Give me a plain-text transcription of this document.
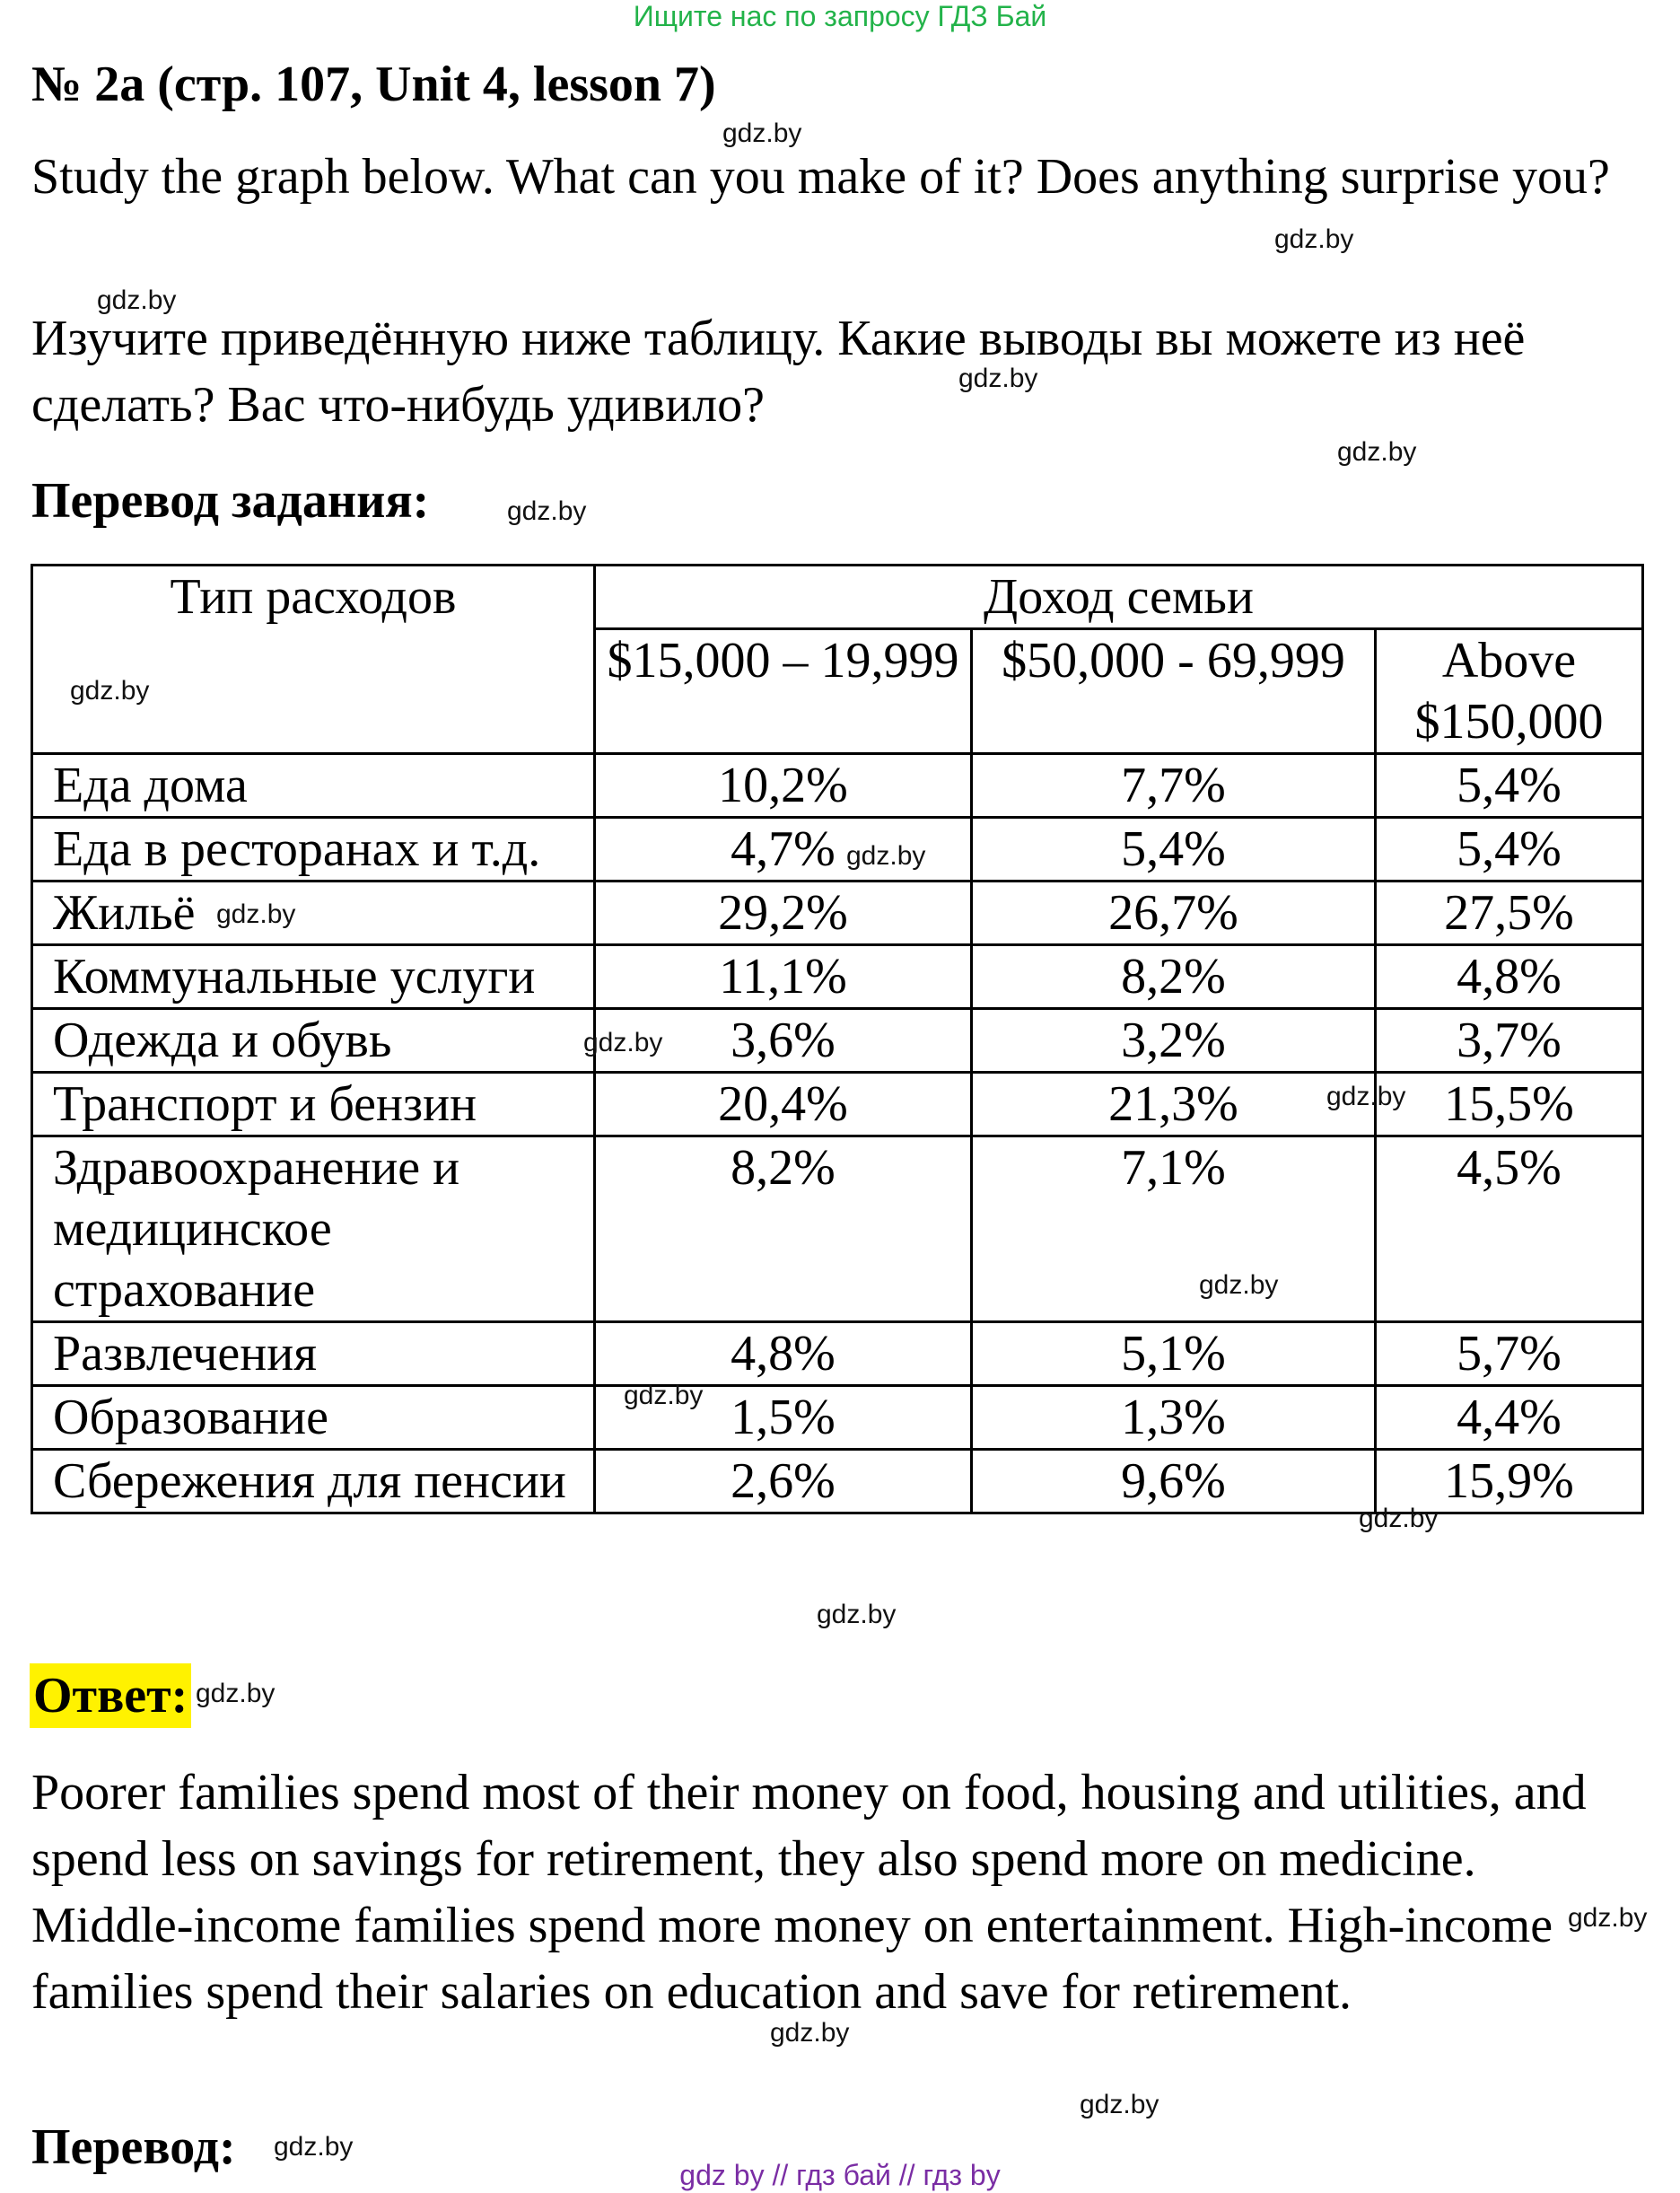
Ищите нас по запросу ГДЗ Бай
№ 2а (стр. 107, Unit 4, lesson 7)
Study the graph below. What can you make of it? Does anything surprise you?
Изучите приведённую ниже таблицу. Какие выводы вы можете из неё сделать? Вас что-нибудь удивило?
Перевод задания:
Тип расходов	Доход семьи		
	$15,000 – 19,999	$50,000 - 69,999	Above $150,000
Еда дома	10,2%	7,7%	5,4%
Еда в ресторанах и т.д.	4,7%	5,4%	5,4%
Жильё	29,2%	26,7%	27,5%
Коммунальные услуги	11,1%	8,2%	4,8%
Одежда и обувь	3,6%	3,2%	3,7%
Транспорт и бензин	20,4%	21,3%	15,5%
Здравоохранение и медицинское страхование	8,2%	7,1%	4,5%
Развлечения	4,8%	5,1%	5,7%
Образование	1,5%	1,3%	4,4%
Сбережения для пенсии	2,6%	9,6%	15,9%
Ответ:
Poorer families spend most of their money on food, housing and utilities, and spend less on savings for retirement, they also spend more on medicine. Middle-income families spend more money on entertainment. High-income families spend their salaries on education and save for retirement.
Перевод:
gdz.by
gdz.by
gdz.by
gdz.by
gdz.by
gdz.by
gdz.by
gdz.by
gdz.by
gdz.by
gdz.by
gdz.by
gdz.by
gdz.by
gdz.by
gdz.by
gdz.by
gdz.by
gdz.by
gdz.by
gdz by // гдз бай // гдз by
